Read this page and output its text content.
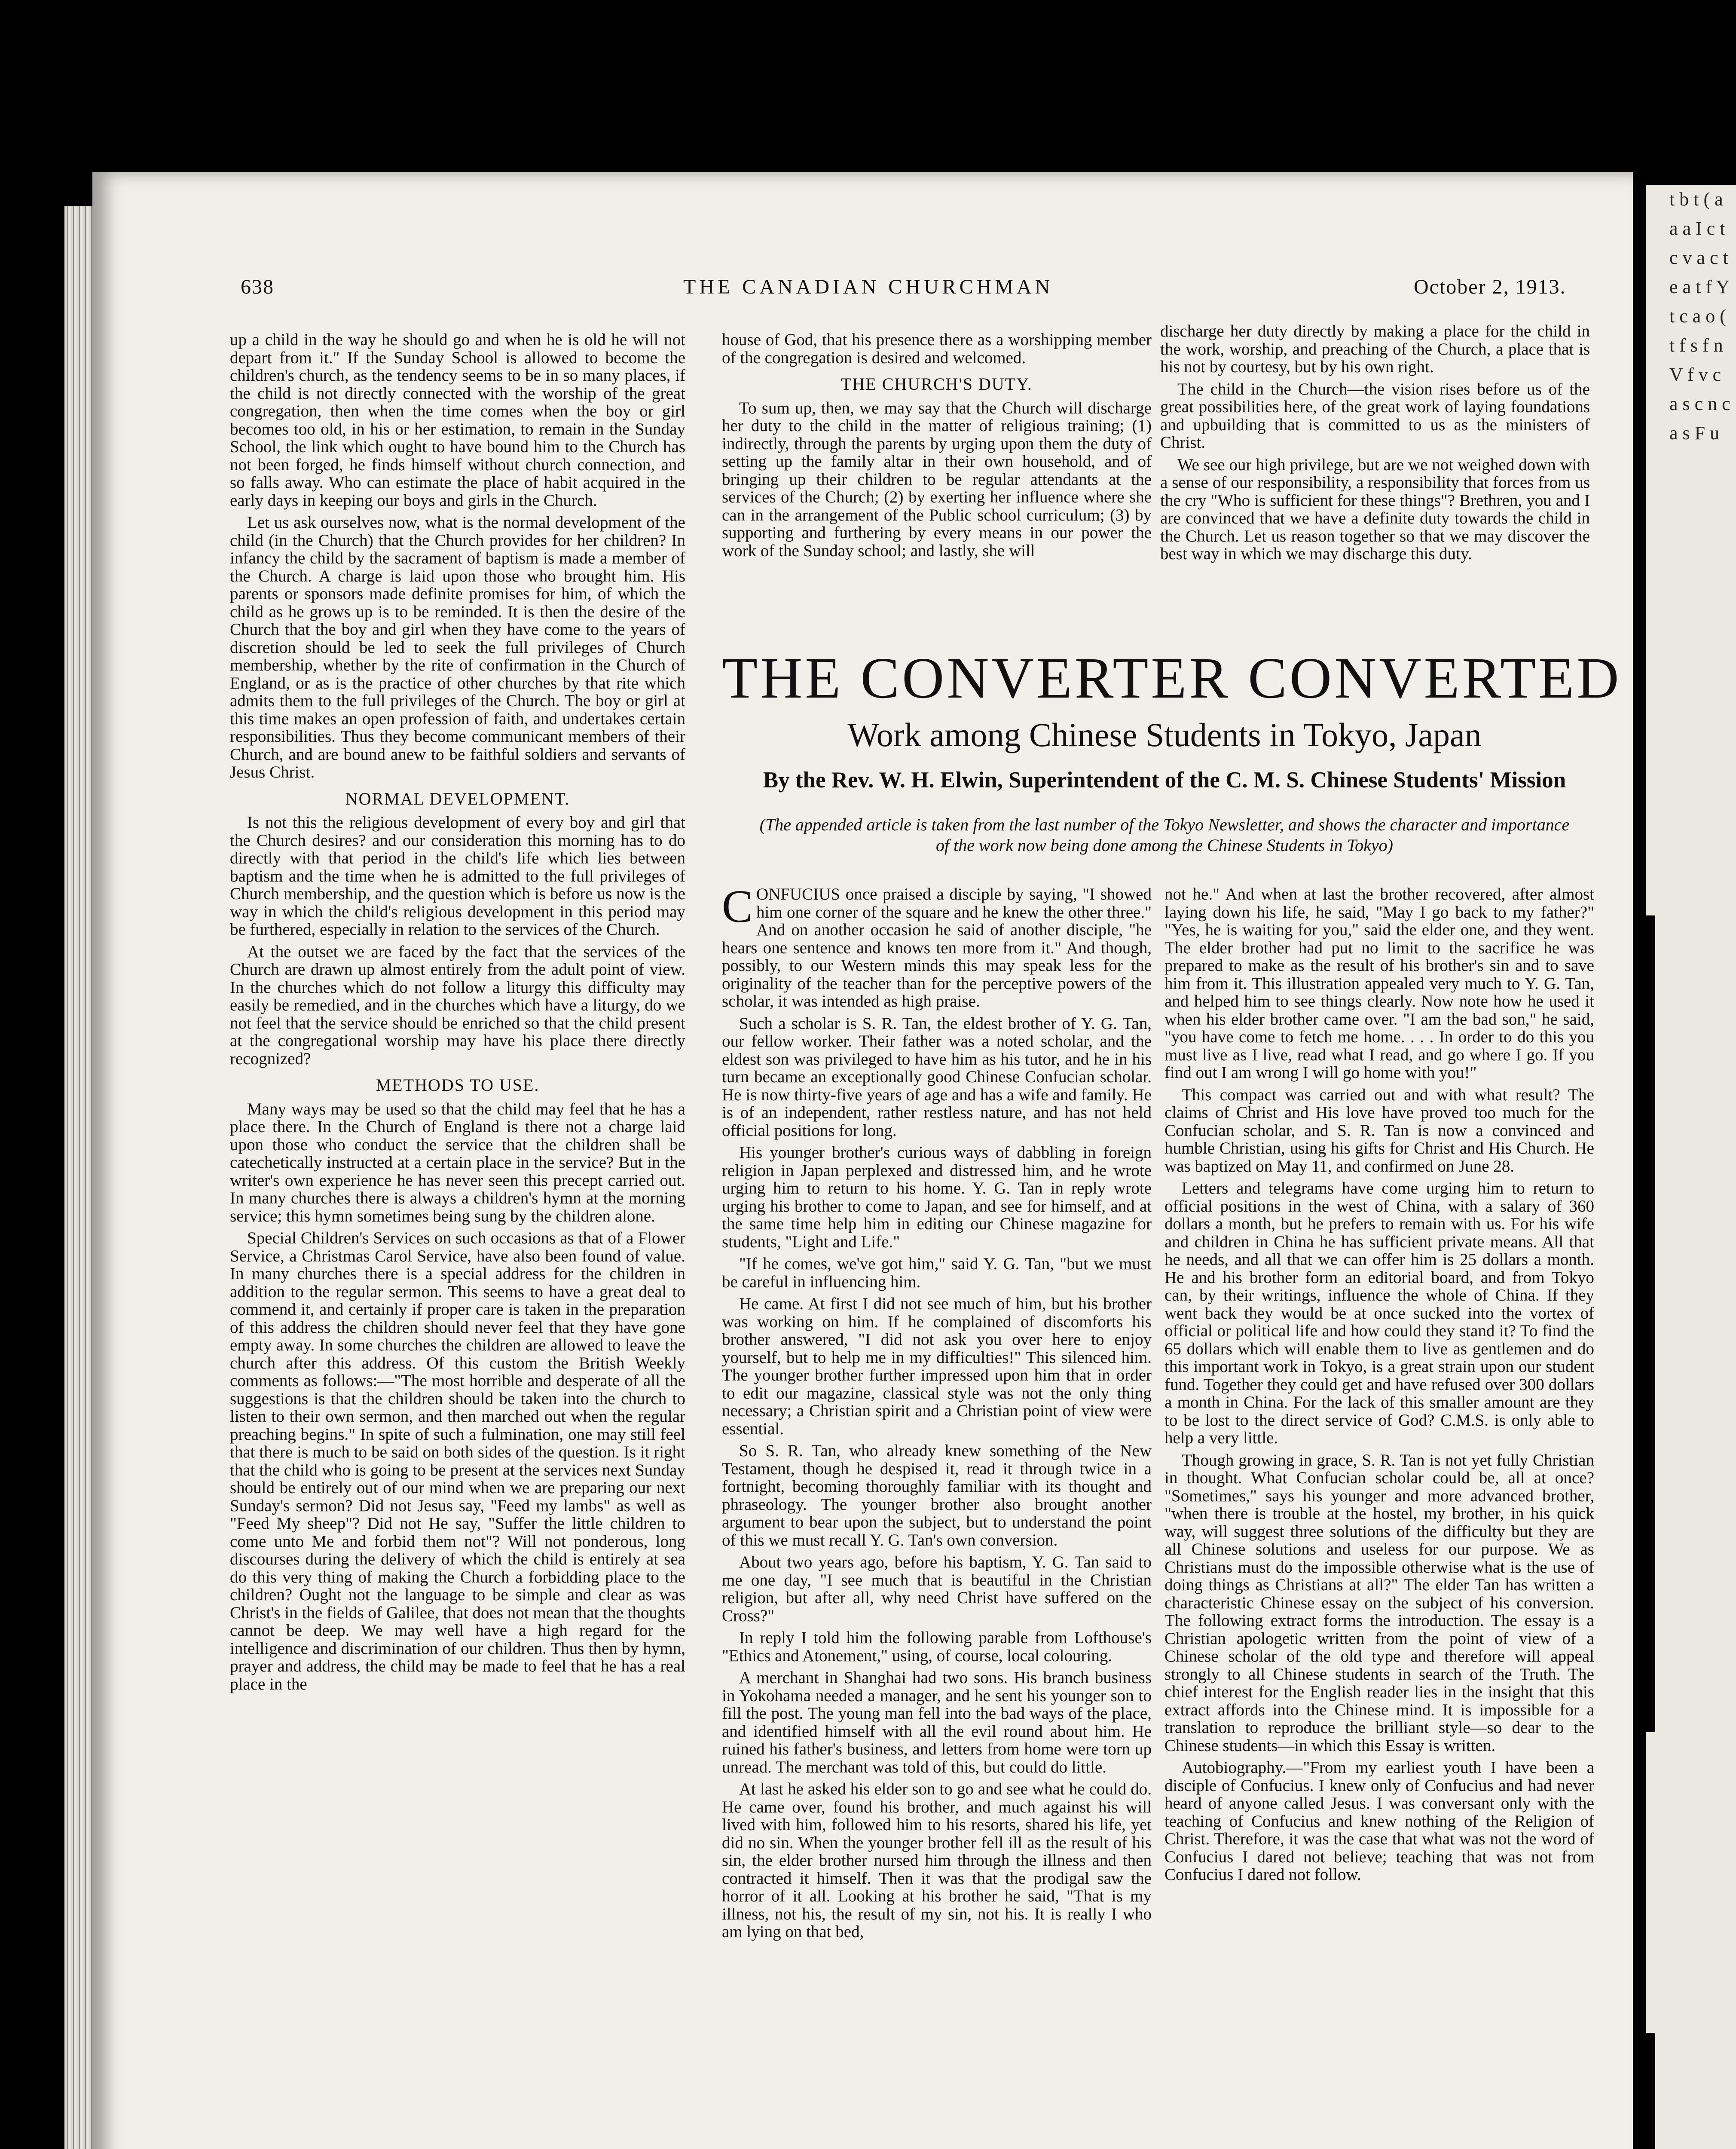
t b t ( a a a I c t c v a c t e a t f Y t c a o ( t f s f n V f v c a s c n c a s F u
638	THE CANADIAN CHURCHMAN	October 2, 1913.

up a child in the way he should go and when he is old he will not depart from it." If the Sunday School is allowed to become the children's church, as the tendency seems to be in so many places, if the child is not directly connected with the worship of the great congregation, then when the time comes when the boy or girl becomes too old, in his or her estimation, to remain in the Sunday School, the link which ought to have bound him to the Church has not been forged, he finds himself without church connection, and so falls away. Who can estimate the place of habit acquired in the early days in keeping our boys and girls in the Church.

Let us ask ourselves now, what is the normal development of the child (in the Church) that the Church provides for her children? In infancy the child by the sacrament of baptism is made a member of the Church. A charge is laid upon those who brought him. His parents or sponsors made definite promises for him, of which the child as he grows up is to be reminded. It is then the desire of the Church that the boy and girl when they have come to the years of discretion should be led to seek the full privileges of Church membership, whether by the rite of confirmation in the Church of England, or as is the practice of other churches by that rite which admits them to the full privileges of the Church. The boy or girl at this time makes an open profession of faith, and undertakes certain responsibilities. Thus they become communicant members of their Church, and are bound anew to be faithful soldiers and servants of Jesus Christ.

NORMAL DEVELOPMENT.

Is not this the religious development of every boy and girl that the Church desires? and our consideration this morning has to do directly with that period in the child's life which lies between baptism and the time when he is admitted to the full privileges of Church membership, and the question which is before us now is the way in which the child's religious development in this period may be furthered, especially in relation to the services of the Church.

At the outset we are faced by the fact that the services of the Church are drawn up almost entirely from the adult point of view. In the churches which do not follow a liturgy this difficulty may easily be remedied, and in the churches which have a liturgy, do we not feel that the service should be enriched so that the child present at the congregational worship may have his place there directly recognized?

METHODS TO USE.

Many ways may be used so that the child may feel that he has a place there. In the Church of England is there not a charge laid upon those who conduct the service that the children shall be catechetically instructed at a certain place in the service? But in the writer's own experience he has never seen this precept carried out. In many churches there is always a children's hymn at the morning service; this hymn sometimes being sung by the children alone.

Special Children's Services on such occasions as that of a Flower Service, a Christmas Carol Service, have also been found of value. In many churches there is a special address for the children in addition to the regular sermon. This seems to have a great deal to commend it, and certainly if proper care is taken in the preparation of this address the children should never feel that they have gone empty away. In some churches the children are allowed to leave the church after this address. Of this custom the British Weekly comments as follows:—"The most horrible and desperate of all the suggestions is that the children should be taken into the church to listen to their own sermon, and then marched out when the regular preaching begins." In spite of such a fulmination, one may still feel that there is much to be said on both sides of the question. Is it right that the child who is going to be present at the services next Sunday should be entirely out of our mind when we are preparing our next Sunday's sermon? Did not Jesus say, "Feed my lambs" as well as "Feed My sheep"? Did not He say, "Suffer the little children to come unto Me and forbid them not"? Will not ponderous, long discourses during the delivery of which the child is entirely at sea do this very thing of making the Church a forbidding place to the children? Ought not the language to be simple and clear as was Christ's in the fields of Galilee, that does not mean that the thoughts cannot be deep. We may well have a high regard for the intelligence and discrimination of our children. Thus then by hymn, prayer and address, the child may be made to feel that he has a real place in the

house of God, that his presence there as a worshipping member of the congregation is desired and welcomed.

THE CHURCH'S DUTY.

To sum up, then, we may say that the Church will discharge her duty to the child in the matter of religious training; (1) indirectly, through the parents by urging upon them the duty of setting up the family altar in their own household, and of bringing up their children to be regular attendants at the services of the Church; (2) by exerting her influence where she can in the arrangement of the Public school curriculum; (3) by supporting and furthering by every means in our power the work of the Sunday school; and lastly, she will

discharge her duty directly by making a place for the child in the work, worship, and preaching of the Church, a place that is his not by courtesy, but by his own right.

The child in the Church—the vision rises before us of the great possibilities here, of the great work of laying foundations and upbuilding that is committed to us as the ministers of Christ.

We see our high privilege, but are we not weighed down with a sense of our responsibility, a responsibility that forces from us the cry "Who is sufficient for these things"? Brethren, you and I are convinced that we have a definite duty towards the child in the Church. Let us reason together so that we may discover the best way in which we may discharge this duty.

THE CONVERTER CONVERTED
Work among Chinese Students in Tokyo, Japan
By the Rev. W. H. Elwin, Superintendent of the C. M. S. Chinese Students' Mission
(The appended article is taken from the last number of the Tokyo Newsletter, and shows the character and importance of the work now being done among the Chinese Students in Tokyo)

CONFUCIUS once praised a disciple by saying, "I showed him one corner of the square and he knew the other three." And on another occasion he said of another disciple, "he hears one sentence and knows ten more from it." And though, possibly, to our Western minds this may speak less for the originality of the teacher than for the perceptive powers of the scholar, it was intended as high praise.

Such a scholar is S. R. Tan, the eldest brother of Y. G. Tan, our fellow worker. Their father was a noted scholar, and the eldest son was privileged to have him as his tutor, and he in his turn became an exceptionally good Chinese Confucian scholar. He is now thirty-five years of age and has a wife and family. He is of an independent, rather restless nature, and has not held official positions for long.

His younger brother's curious ways of dabbling in foreign religion in Japan perplexed and distressed him, and he wrote urging him to return to his home. Y. G. Tan in reply wrote urging his brother to come to Japan, and see for himself, and at the same time help him in editing our Chinese magazine for students, "Light and Life."

"If he comes, we've got him," said Y. G. Tan, "but we must be careful in influencing him.

He came. At first I did not see much of him, but his brother was working on him. If he complained of discomforts his brother answered, "I did not ask you over here to enjoy yourself, but to help me in my difficulties!" This silenced him. The younger brother further impressed upon him that in order to edit our magazine, classical style was not the only thing necessary; a Christian spirit and a Christian point of view were essential.

So S. R. Tan, who already knew something of the New Testament, though he despised it, read it through twice in a fortnight, becoming thoroughly familiar with its thought and phraseology. The younger brother also brought another argument to bear upon the subject, but to understand the point of this we must recall Y. G. Tan's own conversion.

About two years ago, before his baptism, Y. G. Tan said to me one day, "I see much that is beautiful in the Christian religion, but after all, why need Christ have suffered on the Cross?"

In reply I told him the following parable from Lofthouse's "Ethics and Atonement," using, of course, local colouring.

A merchant in Shanghai had two sons. His branch business in Yokohama needed a manager, and he sent his younger son to fill the post. The young man fell into the bad ways of the place, and identified himself with all the evil round about him. He ruined his father's business, and letters from home were torn up unread. The merchant was told of this, but could do little.

At last he asked his elder son to go and see what he could do. He came over, found his brother, and much against his will lived with him, followed him to his resorts, shared his life, yet did no sin. When the younger brother fell ill as the result of his sin, the elder brother nursed him through the illness and then contracted it himself. Then it was that the prodigal saw the horror of it all. Looking at his brother he said, "That is my illness, not his, the result of my sin, not his. It is really I who am lying on that bed,

not he." And when at last the brother recovered, after almost laying down his life, he said, "May I go back to my father?" "Yes, he is waiting for you," said the elder one, and they went. The elder brother had put no limit to the sacrifice he was prepared to make as the result of his brother's sin and to save him from it. This illustration appealed very much to Y. G. Tan, and helped him to see things clearly. Now note how he used it when his elder brother came over. "I am the bad son," he said, "you have come to fetch me home. . . . In order to do this you must live as I live, read what I read, and go where I go. If you find out I am wrong I will go home with you!"

This compact was carried out and with what result? The claims of Christ and His love have proved too much for the Confucian scholar, and S. R. Tan is now a convinced and humble Christian, using his gifts for Christ and His Church. He was baptized on May 11, and confirmed on June 28.

Letters and telegrams have come urging him to return to official positions in the west of China, with a salary of 360 dollars a month, but he prefers to remain with us. For his wife and children in China he has sufficient private means. All that he needs, and all that we can offer him is 25 dollars a month. He and his brother form an editorial board, and from Tokyo can, by their writings, influence the whole of China. If they went back they would be at once sucked into the vortex of official or political life and how could they stand it? To find the 65 dollars which will enable them to live as gentlemen and do this important work in Tokyo, is a great strain upon our student fund. Together they could get and have refused over 300 dollars a month in China. For the lack of this smaller amount are they to be lost to the direct service of God? C.M.S. is only able to help a very little.

Though growing in grace, S. R. Tan is not yet fully Christian in thought. What Confucian scholar could be, all at once? "Sometimes," says his younger and more advanced brother, "when there is trouble at the hostel, my brother, in his quick way, will suggest three solutions of the difficulty but they are all Chinese solutions and useless for our purpose. We as Christians must do the impossible otherwise what is the use of doing things as Christians at all?" The elder Tan has written a characteristic Chinese essay on the subject of his conversion. The following extract forms the introduction. The essay is a Christian apologetic written from the point of view of a Chinese scholar of the old type and therefore will appeal strongly to all Chinese students in search of the Truth. The chief interest for the English reader lies in the insight that this extract affords into the Chinese mind. It is impossible for a translation to reproduce the brilliant style—so dear to the Chinese students—in which this Essay is written.

Autobiography.—"From my earliest youth I have been a disciple of Confucius. I knew only of Confucius and had never heard of anyone called Jesus. I was conversant only with the teaching of Confucius and knew nothing of the Religion of Christ. Therefore, it was the case that what was not the word of Confucius I dared not believe; teaching that was not from Confucius I dared not follow.
